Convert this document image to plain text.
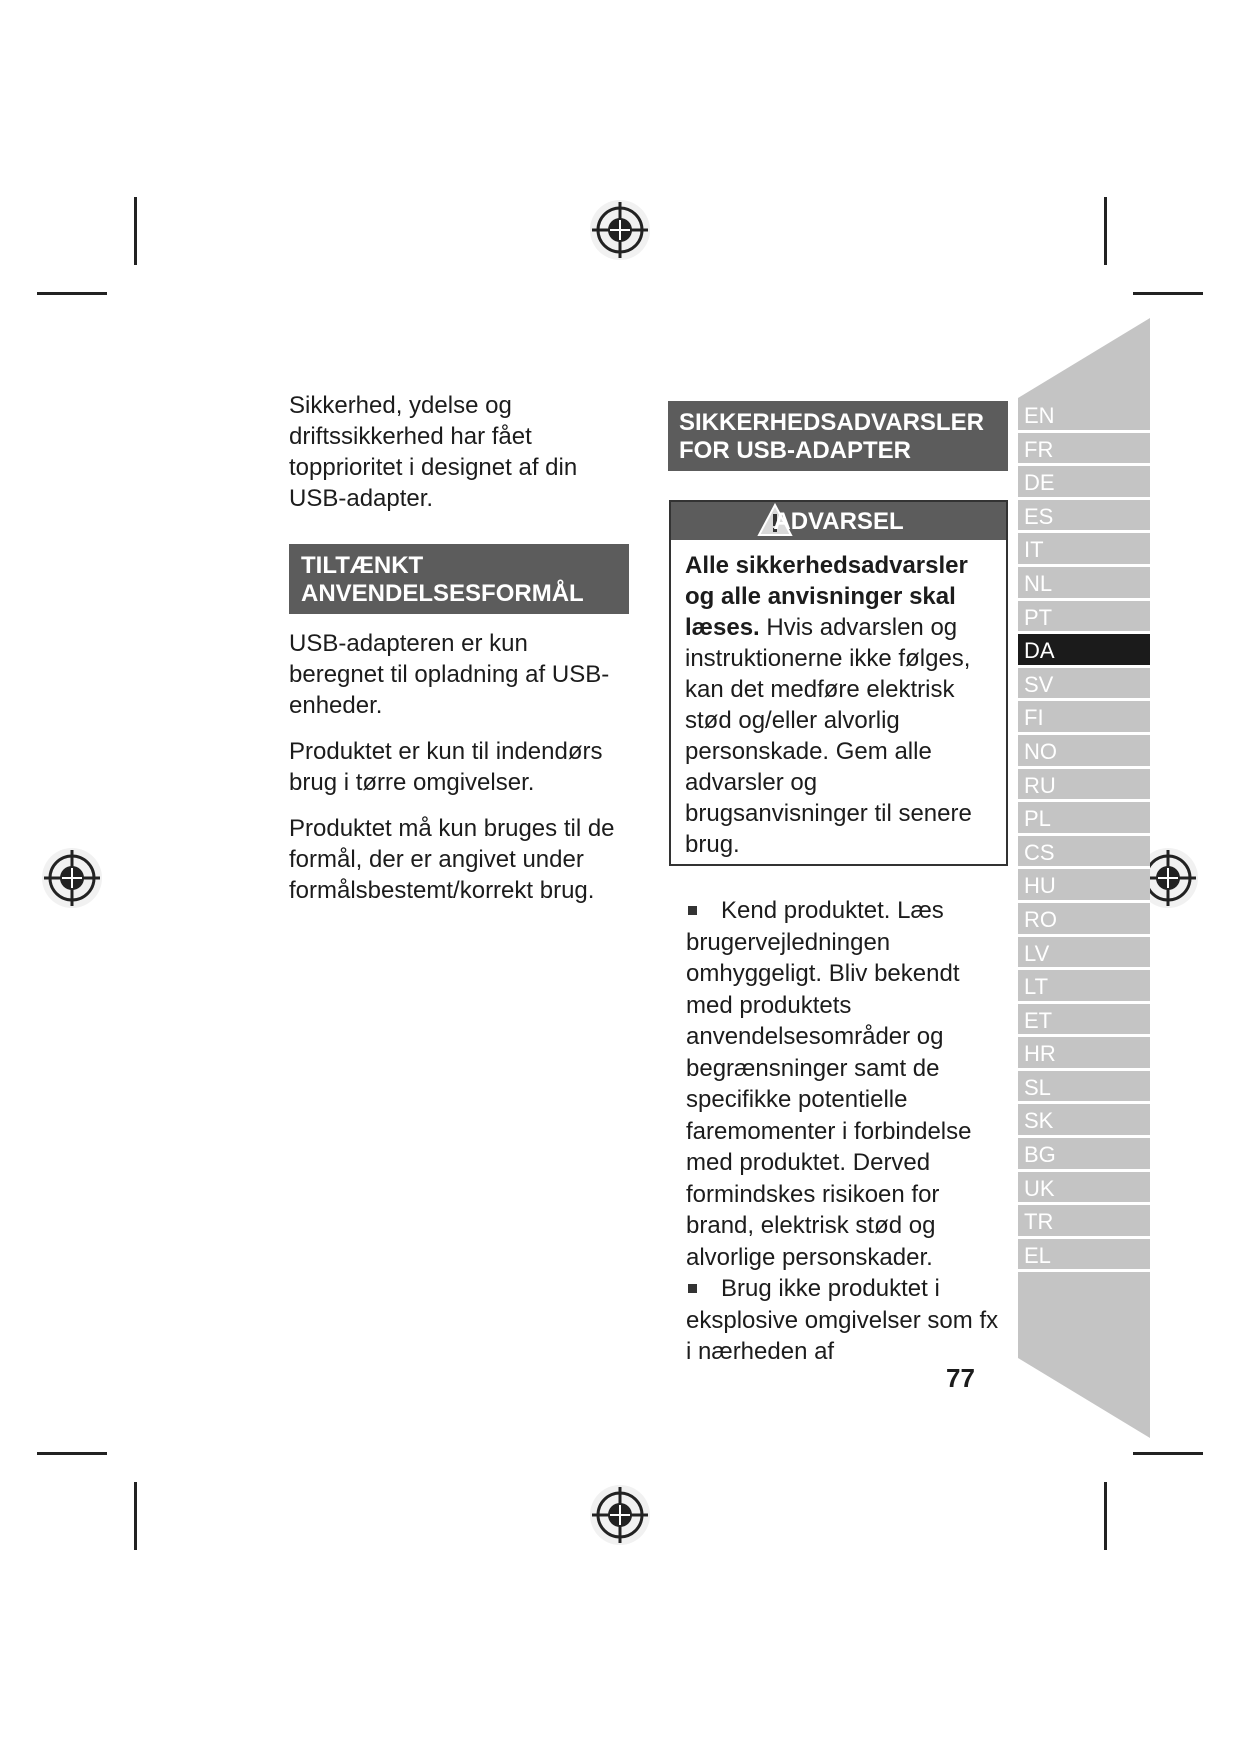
Sikkerhed, ydelse og driftssikkerhed har fået topprioritet i designet af din USB-adapter.

TILTÆNKT
ANVENDELSESFORMÅL

USB-adapteren er kun beregnet til opladning af USB-enheder.

Produktet er kun til indendørs brug i tørre omgivelser.

Produktet må kun bruges til de formål, der er angivet under formålsbestemt/korrekt brug.

SIKKERHEDSADVARSLER
FOR USB-ADAPTER
ADVARSEL
Alle sikkerhedsadvarsler og alle anvisninger skal læses. Hvis advarslen og instruktionerne ikke følges, kan det medføre elektrisk stød og/eller alvorlig personskade. Gem alle advarsler og brugsanvisninger til senere brug.

Kend produktet. Læs brugervejledningen omhyggeligt. Bliv bekendt med produktets anvendelsesområder og begrænsninger samt de specifikke potentielle faremomenter i forbindelse med produktet. Derved formindskes risikoen for brand, elektrisk stød og alvorlige personskader.

Brug ikke produktet i eksplosive omgivelser som fx i nærheden af

77
EN
FR
DE
ES
IT
NL
PT
DA
SV
FI
NO
RU
PL
CS
HU
RO
LV
LT
ET
HR
SL
SK
BG
UK
TR
EL
